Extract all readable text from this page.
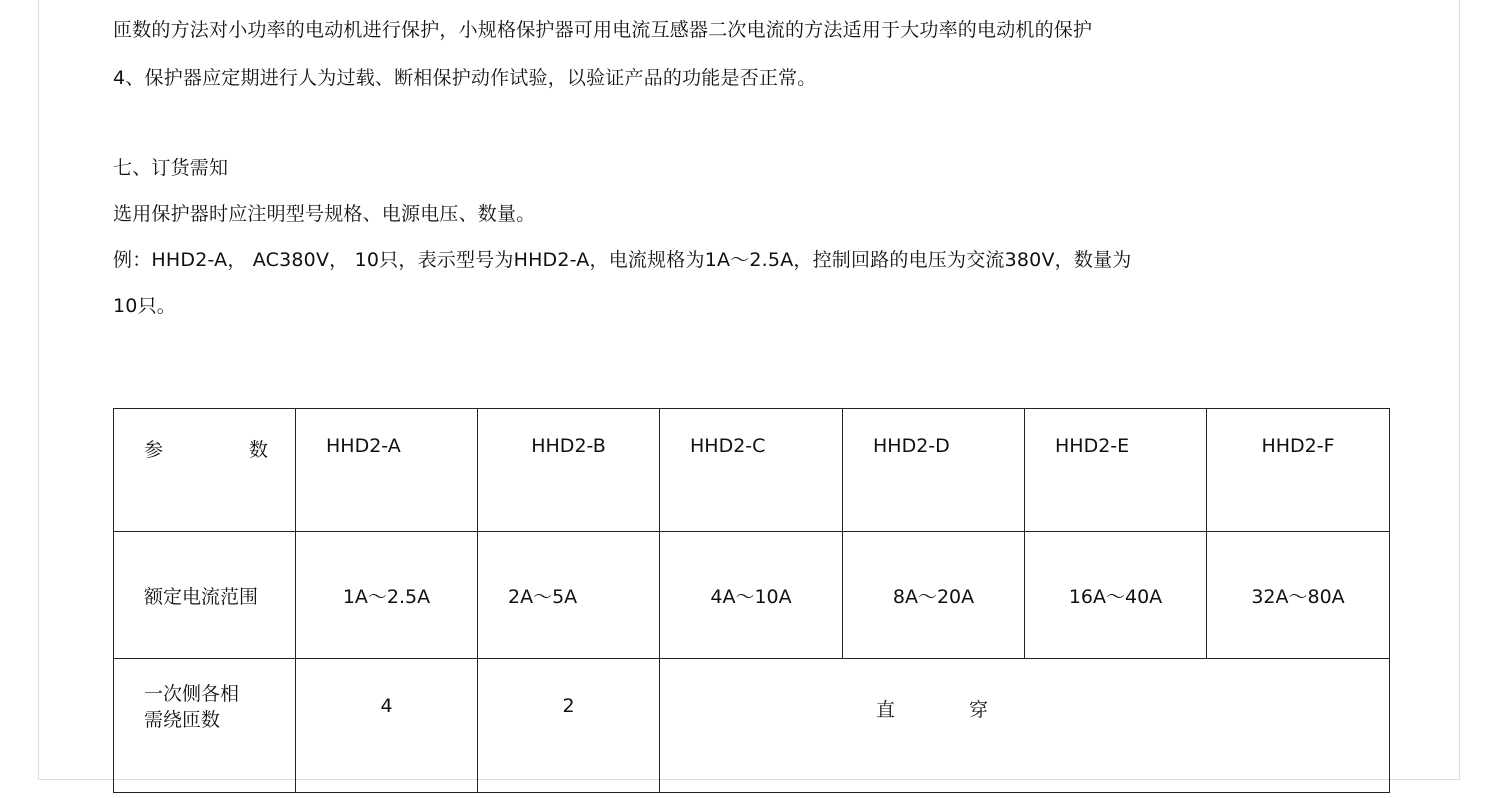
匝数的方法对小功率的电动机进行保护，小规格保护器可用电流互感器二次电流的方法适用于大功率的电动机的保护
4、保护器应定期进行人为过载、断相保护动作试验，以验证产品的功能是否正常。
七、订货需知
选用保护器时应注明型号规格、电源电压、数量。
例：HHD2-A， AC380V， 10只，表示型号为HHD2-A，电流规格为1A～2.5A，控制回路的电压为交流380V，数量为
10只。
参 数	HHD2-A	HHD2-B	HHD2-C	HHD2-D	HHD2-E	HHD2-F
额定电流范围	1A～2.5A	2A～5A	4A～10A	8A～20A	16A～40A	32A～80A

一次侧各相
需绕匝数	4	2	直 穿			
